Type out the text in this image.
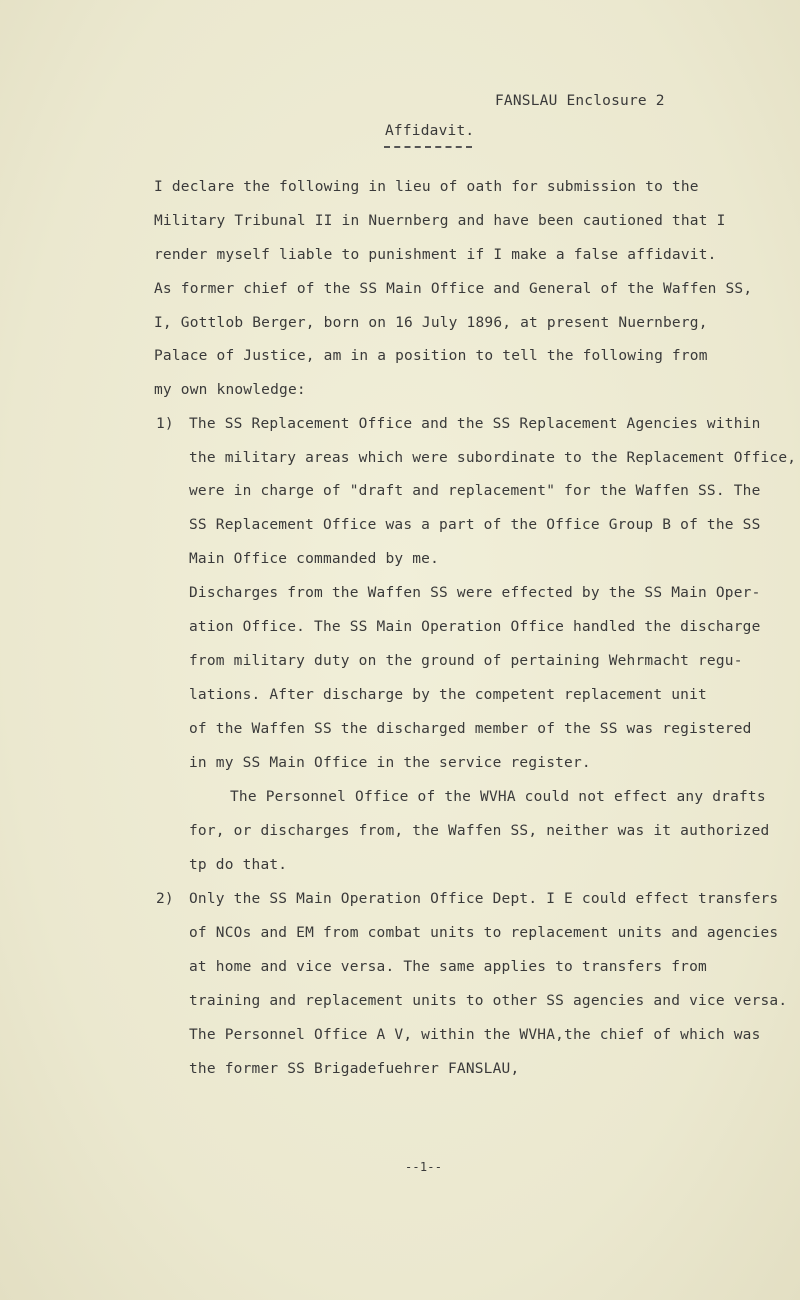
FANSLAU Enclosure 2
Affidavit.
I declare the following in lieu of oath for submission to the
Military Tribunal II in Nuernberg and have been cautioned that I
render myself liable to punishment if I make a false affidavit.
As former chief of the SS Main Office and General of the Waffen SS,
I, Gottlob Berger, born on 16 July 1896, at present Nuernberg,
Palace of Justice, am in a position to tell the following from
my own knowledge:
1) The SS Replacement Office and the SS Replacement Agencies within
the military areas which were subordinate to the Replacement Office,
were in charge of "draft and replacement" for the Waffen SS. The
SS Replacement Office was a part of the Office Group B of the SS
Main Office commanded by me.
Discharges from the Waffen SS were effected by the SS Main Oper-
ation Office. The SS Main Operation Office handled the discharge
from military duty on the ground of pertaining Wehrmacht regu-
lations. After discharge by the competent replacement unit
of the Waffen SS the discharged member of the SS was registered
in my SS Main Office in the service register.
The Personnel Office of the WVHA could not effect any drafts
for, or discharges from, the Waffen SS, neither was it authorized
tp do that.
2) Only the SS Main Operation Office Dept. I E could effect transfers
of NCOs and EM from combat units to replacement units and agencies
at home and vice versa. The same applies to transfers from
training and replacement units to other SS agencies and vice versa.
The Personnel Office A V, within the WVHA,the chief of which was
the former SS Brigadefuehrer FANSLAU,
--1--
